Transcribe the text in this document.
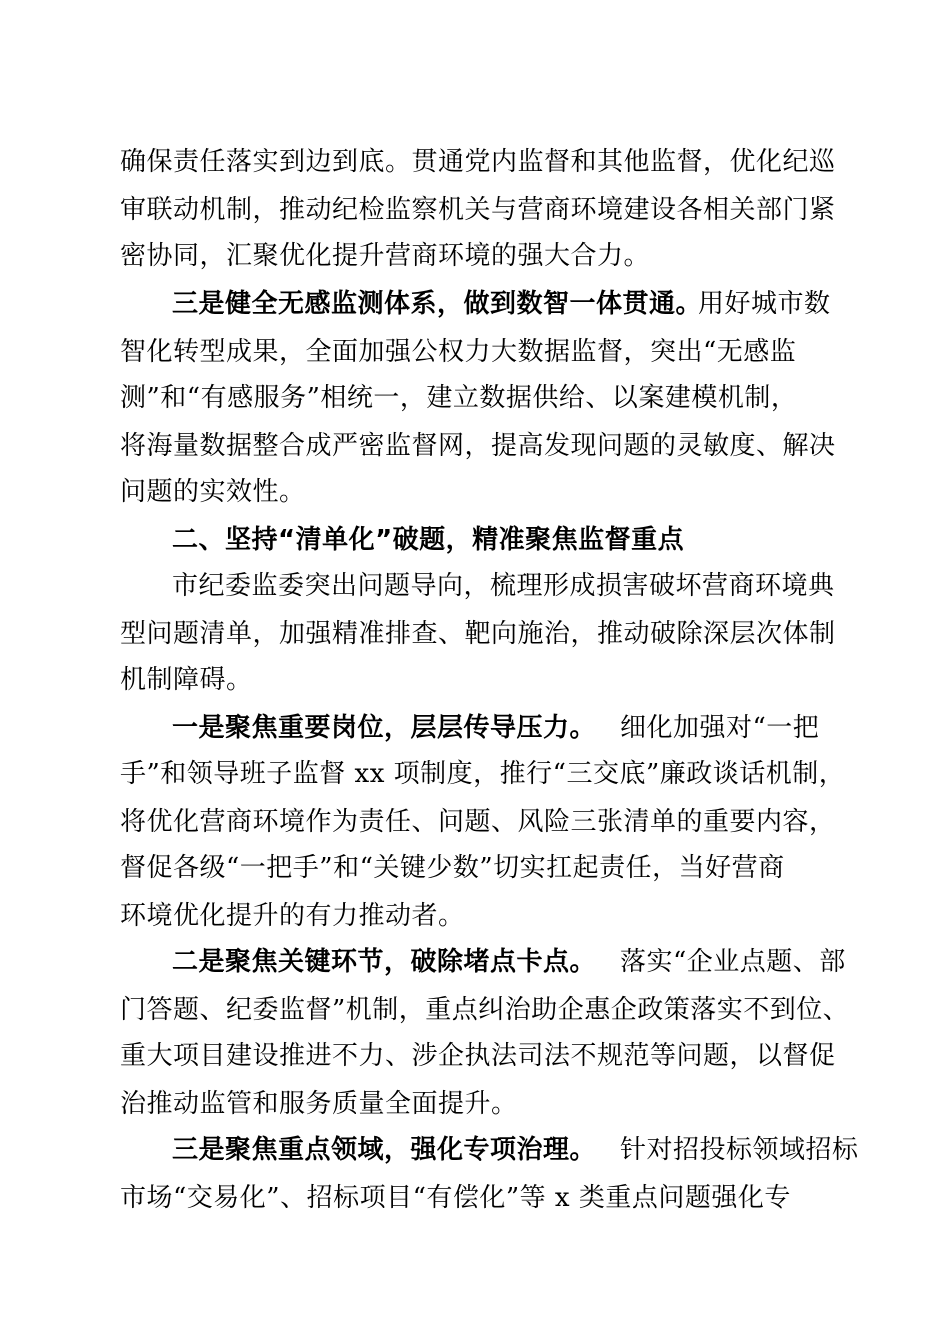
确保责任落实到边到底。贯通党内监督和其他监督，优化纪巡
审联动机制，推动纪检监察机关与营商环境建设各相关部门紧
密协同，汇聚优化提升营商环境的强大合力。
三是健全无感监测体系，做到数智一体贯通。
用好城市数
智化转型成果，全面加强公权力大数据监督，突出“无感监
测”和“有感服务”相统一，建立数据供给、以案建模机制，
将海量数据整合成严密监督网，提高发现问题的灵敏度、解决
问题的实效性。
二、坚持“清单化”破题，精准聚焦监督重点
市纪委监委突出问题导向，梳理形成损害破坏营商环境典
型问题清单，加强精准排查、靶向施治，推动破除深层次体制
机制障碍。
一是聚焦重要岗位，层层传导压力。 细化加强对“一把
手”和领导班子监督 xx 项制度，推行“三交底”廉政谈话机制，
将优化营商环境作为责任、问题、风险三张清单的重要内容，
督促各级“一把手”和“关键少数”切实扛起责任，当好营商
环境优化提升的有力推动者。
二是聚焦关键环节，破除堵点卡点。 落实“企业点题、部
门答题、纪委监督”机制，重点纠治助企惠企政策落实不到位、
重大项目建设推进不力、涉企执法司法不规范等问题，以督促
治推动监管和服务质量全面提升。
三是聚焦重点领域，强化专项治理。 针对招投标领域招标
市场“交易化”、招标项目“有偿化”等 x 类重点问题强化专
